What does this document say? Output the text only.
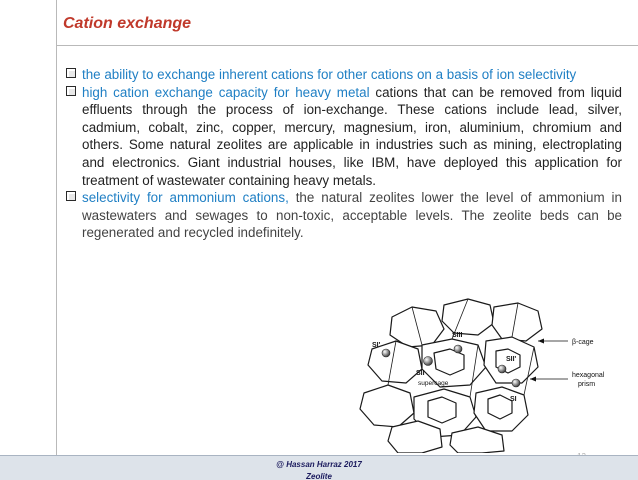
Cation exchange
the ability to exchange inherent cations for other cations on a basis of ion selectivity
high cation exchange capacity for heavy metal cations that can be removed from liquid effluents through the process of ion-exchange. These cations include lead, silver, cadmium, cobalt, zinc, copper, mercury, magnesium, iron, aluminium, chromium and others. Some natural zeolites are applicable in industries such as mining, electroplating and electronics. Giant industrial houses, like IBM, have deployed this application for treatment of wastewater containing heavy metals.
selectivity for ammonium cations, the natural zeolites lower the level of ammonium in wastewaters and sewages to non-toxic, acceptable levels. The zeolite beds can be regenerated and recycled indefinitely.
SI'
SII
SIII
SII'
SI
supercage
β-cage
hexagonal
prism
@ Hassan Harraz 2017
Zeolite
